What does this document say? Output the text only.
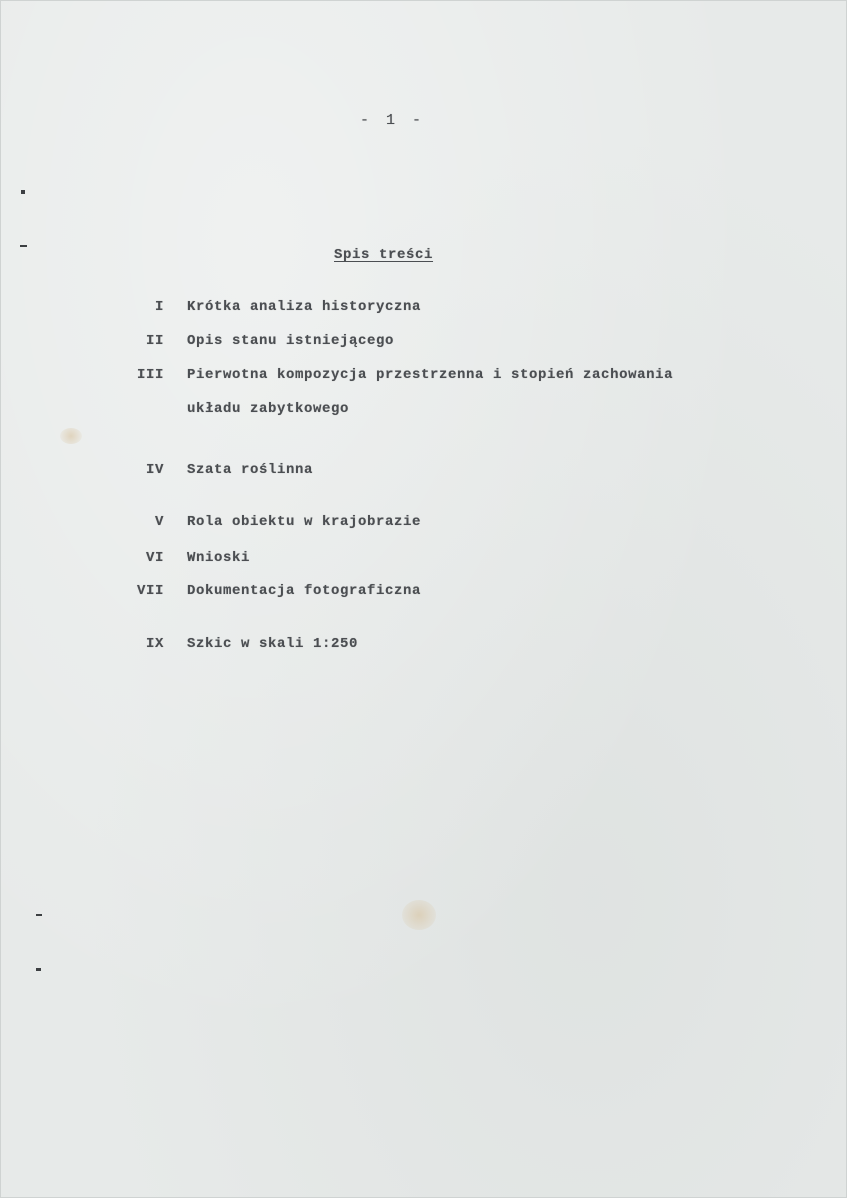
- 1 -
Spis treści
I Krótka analiza historyczna
II Opis stanu istniejącego
III Pierwotna kompozycja przestrzenna i stopień zachowania
układu zabytkowego
IV Szata roślinna
V Rola obiektu w krajobrazie
VI Wnioski
VII Dokumentacja fotograficzna
IX Szkic w skali 1:250
